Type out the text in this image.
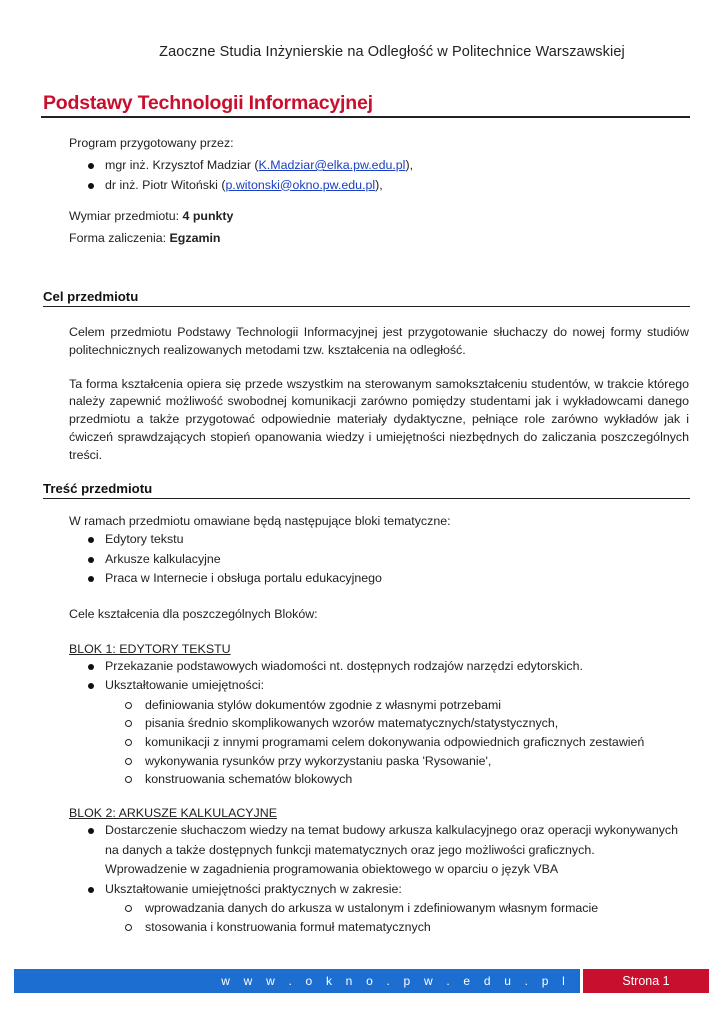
Zaoczne Studia Inżynierskie na Odległość w Politechnice Warszawskiej
Podstawy Technologii Informacyjnej

Program przygotowany przez:

mgr inż. Krzysztof Madziar (K.Madziar@elka.pw.edu.pl),
dr inż. Piotr Witoński (p.witonski@okno.pw.edu.pl),

Wymiar przedmiotu: 4 punkty

Forma zaliczenia: Egzamin

Cel przedmiotu

Celem przedmiotu Podstawy Technologii Informacyjnej jest przygotowanie słuchaczy do nowej formy studiów politechnicznych realizowanych metodami tzw. kształcenia na odległość.

Ta forma kształcenia opiera się przede wszystkim na sterowanym samokształceniu studentów, w trakcie którego należy zapewnić możliwość swobodnej komunikacji zarówno pomiędzy studentami jak i wykładowcami danego przedmiotu a także przygotować odpowiednie materiały dydaktyczne, pełniące role zarówno wykładów jak i ćwiczeń sprawdzających stopień opanowania wiedzy i umiejętności niezbędnych do zaliczania poszczególnych treści.

Treść przedmiotu

W ramach przedmiotu omawiane będą następujące bloki tematyczne:

Edytory tekstu
Arkusze kalkulacyjne
Praca w Internecie i obsługa portalu edukacyjnego

Cele kształcenia dla poszczególnych Bloków:

BLOK 1: EDYTORY TEKSTU

Przekazanie podstawowych wiadomości nt. dostępnych rodzajów narzędzi edytorskich.
Ukształtowanie umiejętności:
definiowania stylów dokumentów zgodnie z własnymi potrzebami
pisania średnio skomplikowanych wzorów matematycznych/statystycznych,
komunikacji z innymi programami celem dokonywania odpowiednich graficznych zestawień
wykonywania rysunków przy wykorzystaniu paska 'Rysowanie',
konstruowania schematów blokowych

BLOK 2: ARKUSZE KALKULACYJNE

Dostarczenie słuchaczom wiedzy na temat budowy arkusza kalkulacyjnego oraz operacji wykonywanych na danych a także dostępnych funkcji matematycznych oraz jego możliwości graficznych.
Wprowadzenie w zagadnienia programowania obiektowego w oparciu o język VBA
Ukształtowanie umiejętności praktycznych w zakresie:
wprowadzania danych do arkusza w ustalonym i zdefiniowanym własnym formacie
stosowania i konstruowania formuł matematycznych
w w w . o k n o . p w . e d u . p l	Strona 1
